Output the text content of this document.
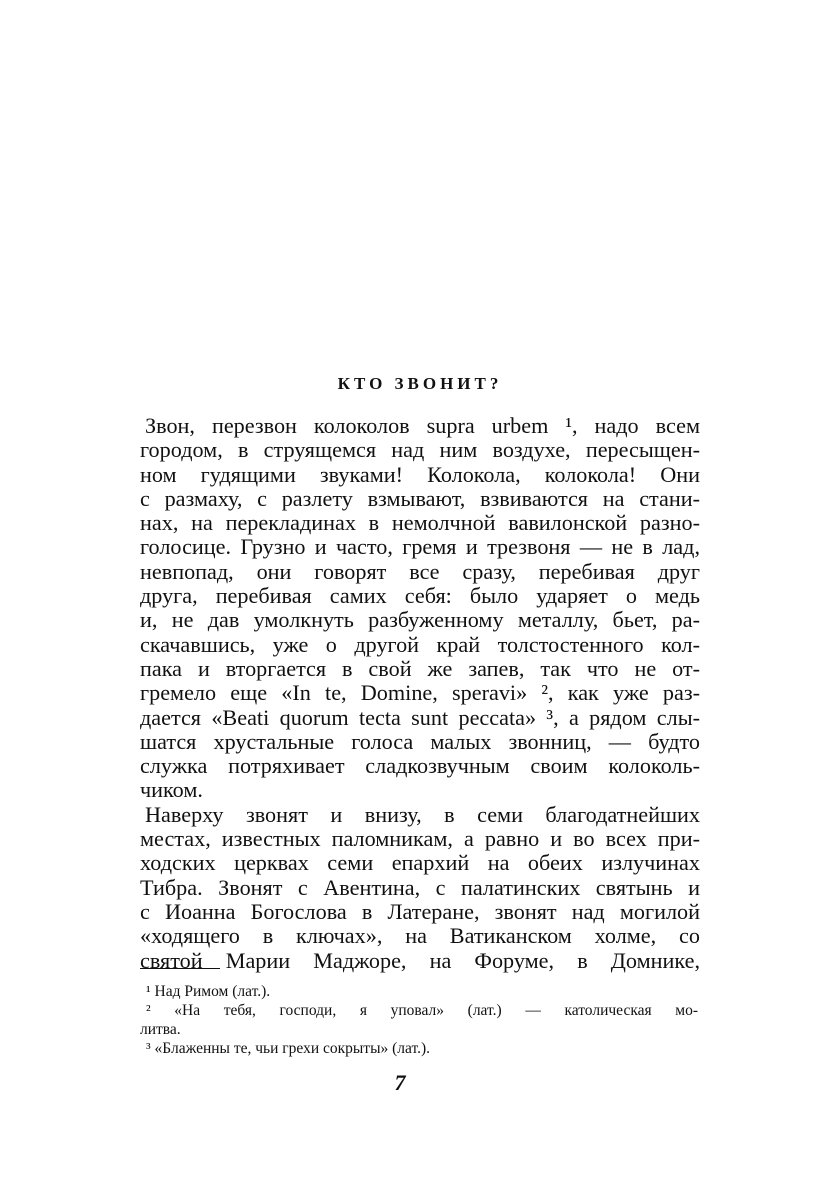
КТО ЗВОНИТ?

Звон, перезвон колоколов supra urbem ¹, надо всем
городом, в струящемся над ним воздухе, пересыщен-
ном гудящими звуками! Колокола, колокола! Они
с размаху, с разлету взмывают, взвиваются на стани-
нах, на перекладинах в немолчной вавилонской разно-
голосице. Грузно и часто, гремя и трезвоня — не в лад,
невпопад, они говорят все сразу, перебивая друг
друга, перебивая самих себя: было ударяет о медь
и, не дав умолкнуть разбуженному металлу, бьет, ра-
скачавшись, уже о другой край толстостенного кол-
пака и вторгается в свой же запев, так что не от-
гремело еще «In te, Domine, speravi» ², как уже раз-
дается «Beati quorum tecta sunt peccata» ³, а рядом слы-
шатся хрустальные голоса малых звонниц, — будто
служка потряхивает сладкозвучным своим колоколь-
чиком.

Наверху звонят и внизу, в семи благодатнейших
местах, известных паломникам, а равно и во всех при-
ходских церквах семи епархий на обеих излучинах
Тибра. Звонят с Авентина, с палатинских святынь и
с Иоанна Богослова в Латеране, звонят над могилой
«ходящего в ключах», на Ватиканском холме, со
святой Марии Маджоре, на Форуме, в Домнике,

¹ Над Римом (лат.).
² «На тебя, господи, я уповал» (лат.) — католическая мо-
литва.
³ «Блаженны те, чьи грехи сокрыты» (лат.).
7
